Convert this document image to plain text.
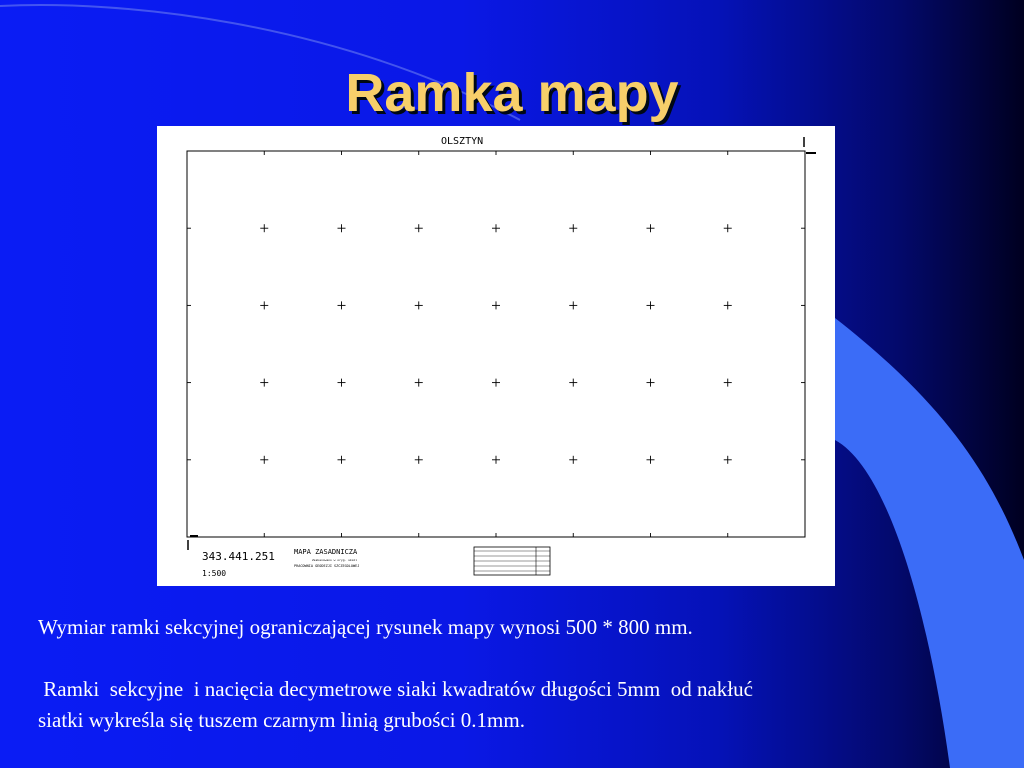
Ramka mapy
OLSZTYN
343.441.251
1:500
MAPA ZASADNICZA
Zeskanowano w oryg. skali
PRACOWNIA GEODEZJI SZCZEGOLOWEJ

Wymiar ramki sekcyjnej ograniczającej rysunek mapy wynosi 500 * 800 mm.

Ramki  sekcyjne  i nacięcia decymetrowe siaki kwadratów długości 5mm  od nakłuć

siatki wykreśla się tuszem czarnym linią grubości 0.1mm.
